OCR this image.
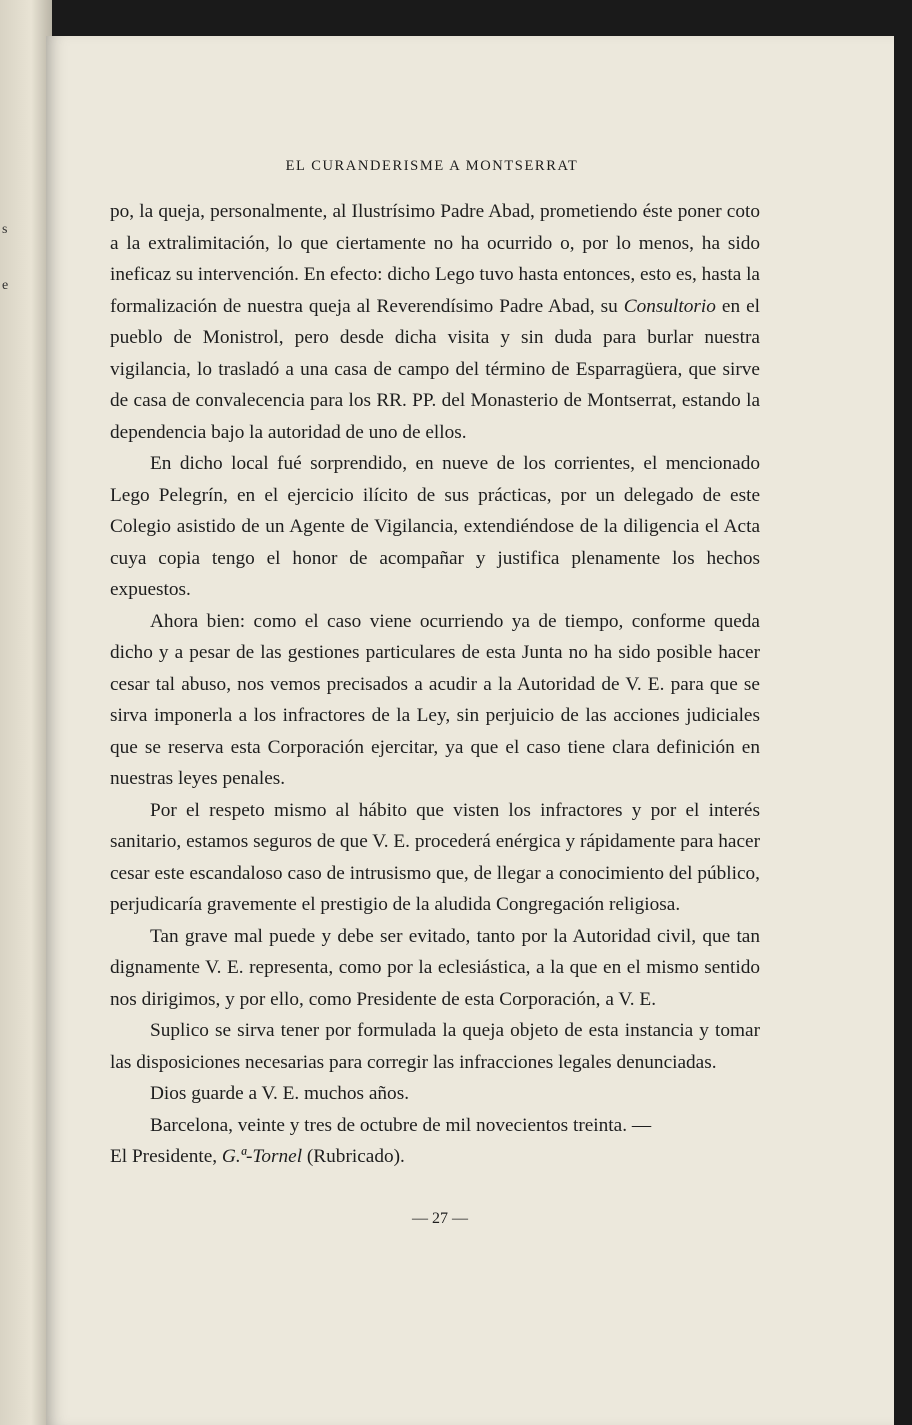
s
e
EL CURANDERISME A MONTSERRAT

po, la queja, personalmente, al Ilustrísimo Padre Abad, prometiendo éste poner coto a la extralimitación, lo que ciertamente no ha ocurrido o, por lo menos, ha sido ineficaz su intervención. En efecto: dicho Lego tuvo hasta entonces, esto es, hasta la formalización de nuestra queja al Reverendísimo Padre Abad, su Consultorio en el pueblo de Monistrol, pero desde dicha visita y sin duda para burlar nuestra vigilancia, lo trasladó a una casa de campo del término de Esparragüera, que sirve de casa de convalecencia para los RR. PP. del Monasterio de Montserrat, estando la dependencia bajo la autoridad de uno de ellos.

En dicho local fué sorprendido, en nueve de los corrientes, el mencionado Lego Pelegrín, en el ejercicio ilícito de sus prácticas, por un delegado de este Colegio asistido de un Agente de Vigilancia, extendiéndose de la diligencia el Acta cuya copia tengo el honor de acompañar y justifica plenamente los hechos expuestos.

Ahora bien: como el caso viene ocurriendo ya de tiempo, conforme queda dicho y a pesar de las gestiones particulares de esta Junta no ha sido posible hacer cesar tal abuso, nos vemos precisados a acudir a la Autoridad de V. E. para que se sirva imponerla a los infractores de la Ley, sin perjuicio de las acciones judiciales que se reserva esta Corporación ejercitar, ya que el caso tiene clara definición en nuestras leyes penales.

Por el respeto mismo al hábito que visten los infractores y por el interés sanitario, estamos seguros de que V. E. procederá enérgica y rápidamente para hacer cesar este escandaloso caso de intrusismo que, de llegar a conocimiento del público, perjudicaría gravemente el prestigio de la aludida Congregación religiosa.

Tan grave mal puede y debe ser evitado, tanto por la Autoridad civil, que tan dignamente V. E. representa, como por la eclesiástica, a la que en el mismo sentido nos dirigimos, y por ello, como Presidente de esta Corporación, a V. E.

Suplico se sirva tener por formulada la queja objeto de esta instancia y tomar las disposiciones necesarias para corregir las infracciones legales denunciadas.

Dios guarde a V. E. muchos años.

Barcelona, veinte y tres de octubre de mil novecientos treinta. —

El Presidente, G.ª-Tornel (Rubricado).

— 27 —
